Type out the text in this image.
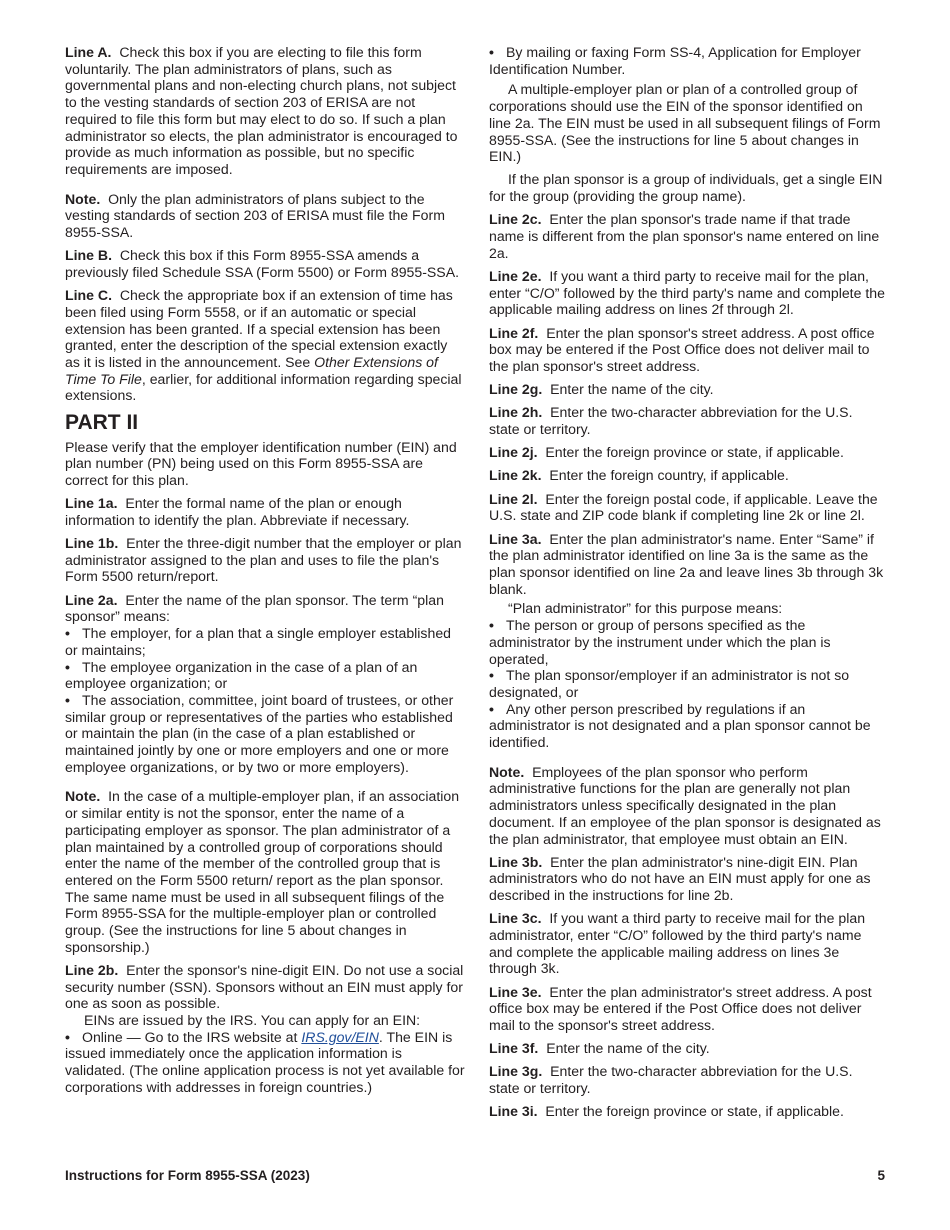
Line A. Check this box if you are electing to file this form voluntarily. The plan administrators of plans, such as governmental plans and non-electing church plans, not subject to the vesting standards of section 203 of ERISA are not required to file this form but may elect to do so. If such a plan administrator so elects, the plan administrator is encouraged to provide as much information as possible, but no specific requirements are imposed.

Note. Only the plan administrators of plans subject to the vesting standards of section 203 of ERISA must file the Form 8955-SSA.

Line B. Check this box if this Form 8955-SSA amends a previously filed Schedule SSA (Form 5500) or Form 8955-SSA.

Line C. Check the appropriate box if an extension of time has been filed using Form 5558, or if an automatic or special extension has been granted. If a special extension has been granted, enter the description of the special extension exactly as it is listed in the announcement. See Other Extensions of Time To File, earlier, for additional information regarding special extensions.

PART II

Please verify that the employer identification number (EIN) and plan number (PN) being used on this Form 8955-SSA are correct for this plan.

Line 1a. Enter the formal name of the plan or enough information to identify the plan. Abbreviate if necessary.

Line 1b. Enter the three-digit number that the employer or plan administrator assigned to the plan and uses to file the plan's Form 5500 return/report.

Line 2a. Enter the name of the plan sponsor. The term “plan sponsor” means:

• The employer, for a plan that a single employer established or maintains;

• The employee organization in the case of a plan of an employee organization; or

• The association, committee, joint board of trustees, or other similar group or representatives of the parties who established or maintain the plan (in the case of a plan established or maintained jointly by one or more employers and one or more employee organizations, or by two or more employers).

Note. In the case of a multiple-employer plan, if an association or similar entity is not the sponsor, enter the name of a participating employer as sponsor. The plan administrator of a plan maintained by a controlled group of corporations should enter the name of the member of the controlled group that is entered on the Form 5500 return/ report as the plan sponsor. The same name must be used in all subsequent filings of the Form 8955-SSA for the multiple-employer plan or controlled group. (See the instructions for line 5 about changes in sponsorship.)

Line 2b. Enter the sponsor's nine-digit EIN. Do not use a social security number (SSN). Sponsors without an EIN must apply for one as soon as possible.

EINs are issued by the IRS. You can apply for an EIN:

• Online — Go to the IRS website at IRS.gov/EIN. The EIN is issued immediately once the application information is validated. (The online application process is not yet available for corporations with addresses in foreign countries.)

• By mailing or faxing Form SS-4, Application for Employer Identification Number.

A multiple-employer plan or plan of a controlled group of corporations should use the EIN of the sponsor identified on line 2a. The EIN must be used in all subsequent filings of Form 8955-SSA. (See the instructions for line 5 about changes in EIN.)

If the plan sponsor is a group of individuals, get a single EIN for the group (providing the group name).

Line 2c. Enter the plan sponsor's trade name if that trade name is different from the plan sponsor's name entered on line 2a.

Line 2e. If you want a third party to receive mail for the plan, enter “C/O” followed by the third party's name and complete the applicable mailing address on lines 2f through 2l.

Line 2f. Enter the plan sponsor's street address. A post office box may be entered if the Post Office does not deliver mail to the plan sponsor's street address.

Line 2g. Enter the name of the city.

Line 2h. Enter the two-character abbreviation for the U.S. state or territory.

Line 2j. Enter the foreign province or state, if applicable.

Line 2k. Enter the foreign country, if applicable.

Line 2l. Enter the foreign postal code, if applicable. Leave the U.S. state and ZIP code blank if completing line 2k or line 2l.

Line 3a. Enter the plan administrator's name. Enter “Same” if the plan administrator identified on line 3a is the same as the plan sponsor identified on line 2a and leave lines 3b through 3k blank.

“Plan administrator” for this purpose means:

• The person or group of persons specified as the administrator by the instrument under which the plan is operated,

• The plan sponsor/employer if an administrator is not so designated, or

• Any other person prescribed by regulations if an administrator is not designated and a plan sponsor cannot be identified.

Note. Employees of the plan sponsor who perform administrative functions for the plan are generally not plan administrators unless specifically designated in the plan document. If an employee of the plan sponsor is designated as the plan administrator, that employee must obtain an EIN.

Line 3b. Enter the plan administrator's nine-digit EIN. Plan administrators who do not have an EIN must apply for one as described in the instructions for line 2b.

Line 3c. If you want a third party to receive mail for the plan administrator, enter “C/O” followed by the third party's name and complete the applicable mailing address on lines 3e through 3k.

Line 3e. Enter the plan administrator's street address. A post office box may be entered if the Post Office does not deliver mail to the sponsor's street address.

Line 3f. Enter the name of the city.

Line 3g. Enter the two-character abbreviation for the U.S. state or territory.

Line 3i. Enter the foreign province or state, if applicable.

Instructions for Form 8955-SSA (2023)	5
